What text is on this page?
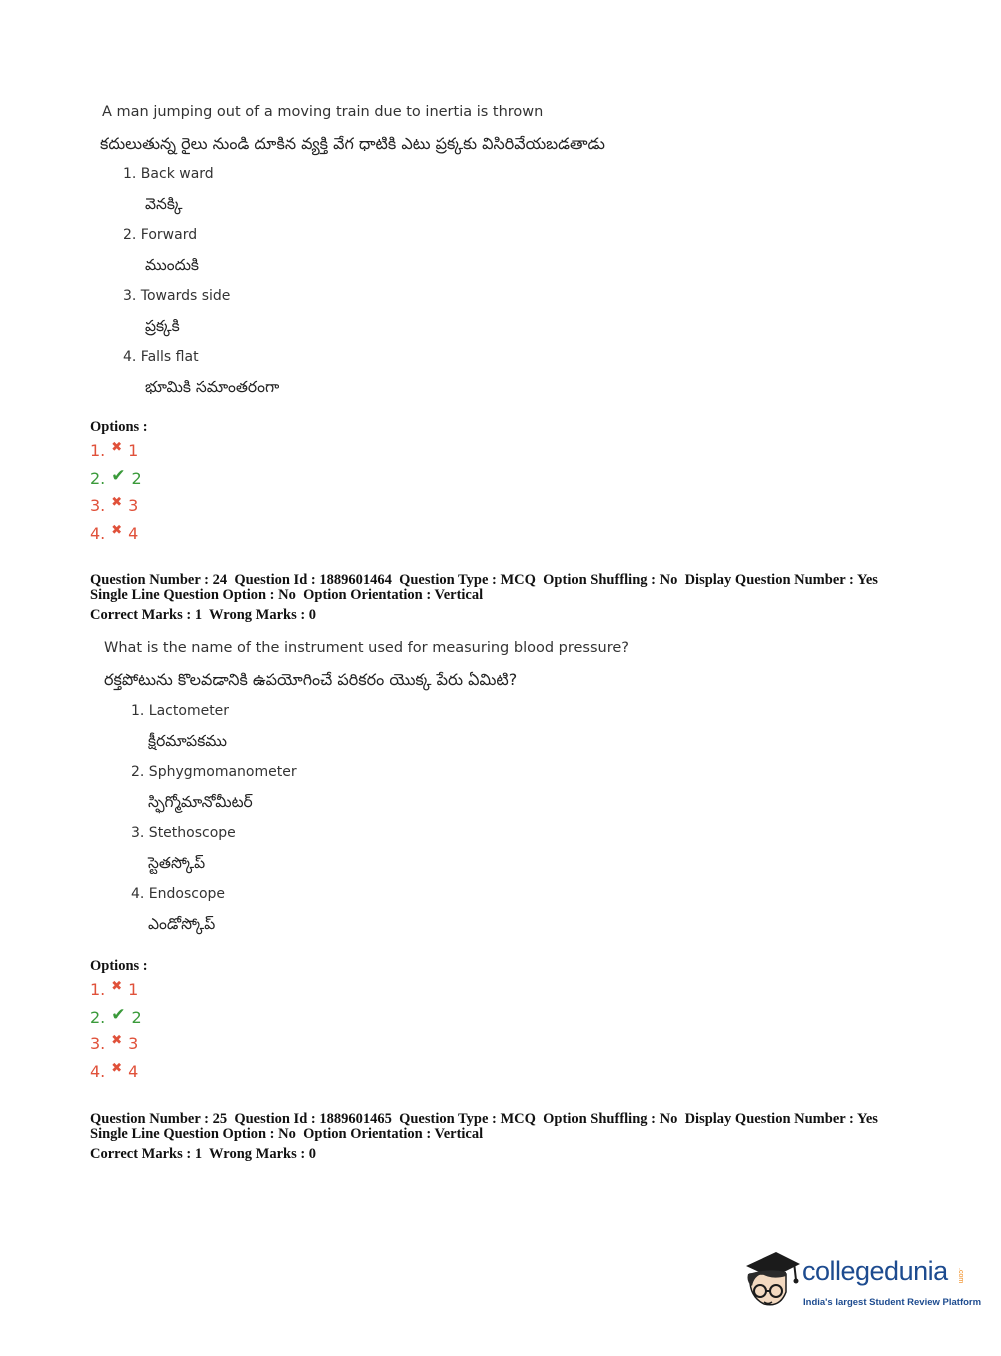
A man jumping out of a moving train due to inertia is thrown
కదులుతున్న రైలు నుండి దూకిన వ్యక్తి వేగ ధాటికి ఎటు ప్రక్కకు విసిరివేయబడతాడు
1. Back ward
వెనక్కి
2. Forward
ముందుకి
3. Towards side
ప్రక్కకి
4. Falls flat
భూమికి సమాంతరంగా
Options :
1. ✖ 1
2. ✔ 2
3. ✖ 3
4. ✖ 4
Question Number : 24  Question Id : 1889601464  Question Type : MCQ  Option Shuffling : No  Display Question Number : Yes
Single Line Question Option : No  Option Orientation : Vertical
Correct Marks : 1  Wrong Marks : 0
What is the name of the instrument used for measuring blood pressure?
రక్తపోటును కొలవడానికి ఉపయోగించే పరికరం యొక్క పేరు ఏమిటి?
1. Lactometer
క్షీరమాపకము
2. Sphygmomanometer
స్ఫిగ్మోమానోమీటర్
3. Stethoscope
స్టెతస్కోప్
4. Endoscope
ఎండోస్కోప్
Options :
1. ✖ 1
2. ✔ 2
3. ✖ 3
4. ✖ 4
Question Number : 25  Question Id : 1889601465  Question Type : MCQ  Option Shuffling : No  Display Question Number : Yes
Single Line Question Option : No  Option Orientation : Vertical
Correct Marks : 1  Wrong Marks : 0
collegedunia .com
India's largest Student Review Platform
